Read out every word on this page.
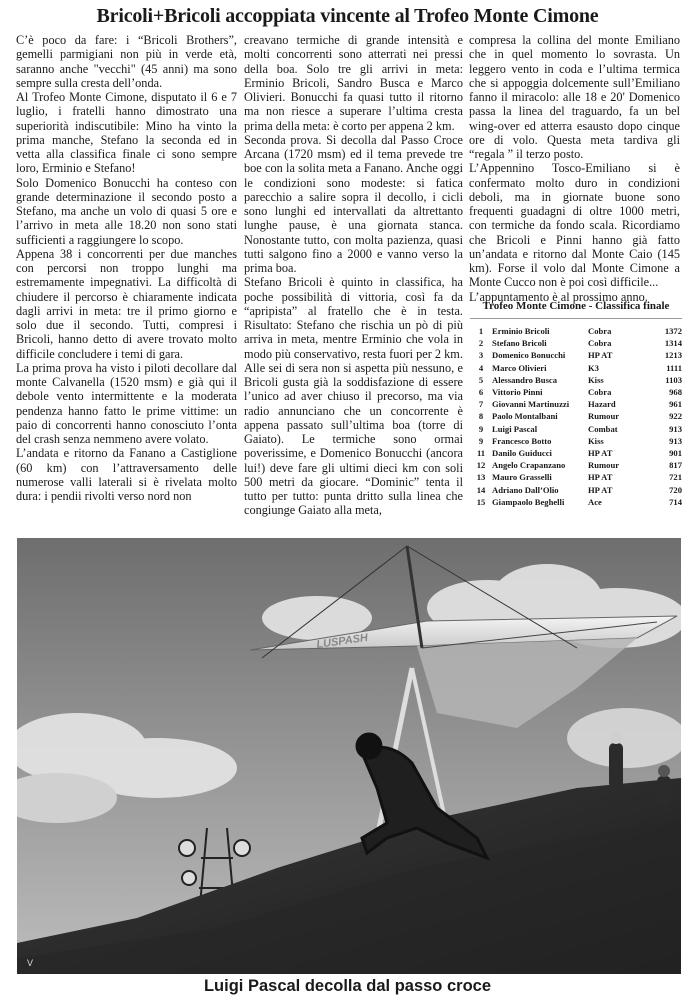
Bricoli+Bricoli accoppiata vincente al Trofeo Monte Cimone

C’è poco da fare: i “Bricoli Brothers”, gemelli parmigiani non più in verde età, saranno anche "vecchi" (45 anni) ma sono sempre sulla cresta dell’onda.

Al Trofeo Monte Cimone, disputato il 6 e 7 luglio, i fratelli hanno dimostrato una superiorità indiscutibile: Mino ha vinto la prima manche, Stefano la seconda ed in vetta alla classifica finale ci sono sempre loro, Erminio e Stefano!

Solo Domenico Bonucchi ha conteso con grande determinazione il secondo posto a Stefano, ma anche un volo di quasi 5 ore e l’arrivo in meta alle 18.20 non sono stati sufficienti a raggiungere lo scopo.

Appena 38 i concorrenti per due manches con percorsi non troppo lunghi ma estremamente impegnativi. La difficoltà di chiudere il percorso è chiaramente indicata dagli arrivi in meta: tre il primo giorno e solo due il secondo. Tutti, compresi i Bricoli, hanno detto di avere trovato molto difficile concludere i temi di gara.

La prima prova ha visto i piloti decollare dal monte Calvanella (1520 msm) e già qui il debole vento intermittente e la moderata pendenza hanno fatto le prime vittime: un paio di concorrenti hanno conosciuto l’onta del crash senza nemmeno avere volato.

L’andata e ritorno da Fanano a Castiglione (60 km) con l’attraversamento delle numerose valli laterali si è rivelata molto dura: i pendii rivolti verso nord non

creavano termiche di grande intensità e molti concorrenti sono atterrati nei pressi della boa. Solo tre gli arrivi in meta: Erminio Bricoli, Sandro Busca e Marco Olivieri. Bonucchi fa quasi tutto il ritorno ma non riesce a superare l’ultima cresta prima della meta: è corto per appena 2 km.

Seconda prova. Si decolla dal Passo Croce Arcana (1720 msm) ed il tema prevede tre boe con la solita meta a Fanano. Anche oggi le condizioni sono modeste: si fatica parecchio a salire sopra il decollo, i cicli sono lunghi ed intervallati da altrettanto lunghe pause, è una giornata stanca. Nonostante tutto, con molta pazienza, quasi tutti salgono fino a 2000 e vanno verso la prima boa.

Stefano Bricoli è quinto in classifica, ha poche possibilità di vittoria, così fa da “apripista” al fratello che è in testa. Risultato: Stefano che rischia un pò di più arriva in meta, mentre Erminio che vola in modo più conservativo, resta fuori per 2 km.

Alle sei di sera non si aspetta più nessuno, e Bricoli gusta già la soddisfazione di essere l’unico ad aver chiuso il precorso, ma via radio annunciano che un concorrente è appena passato sull’ultima boa (torre di Gaiato). Le termiche sono ormai poverissime, e Domenico Bonucchi (ancora lui!) deve fare gli ultimi dieci km con soli 500 metri da giocare. “Dominic” tenta il tutto per tutto: punta dritto sulla linea che congiunge Gaiato alla meta,

compresa la collina del monte Emiliano che in quel momento lo sovrasta. Un leggero vento in coda e l’ultima termica che si appoggia dolcemente sull’Emiliano fanno il miracolo: alle 18 e 20' Domenico passa la linea del traguardo, fa un bel wing-over ed atterra esausto dopo cinque ore di volo. Questa meta tardiva gli “regala ” il terzo posto.

L’Appennino Tosco-Emiliano si è confermato molto duro in condizioni deboli, ma in giornate buone sono frequenti guadagni di oltre 1000 metri, con termiche da fondo scala. Ricordiamo che Bricoli e Pinni hanno già fatto un’andata e ritorno dal Monte Caio (145 km). Forse il volo dal Monte Cimone a Monte Cucco non è poi così difficile...

L’appuntamento è al prossimo anno.

Trofeo Monte Cimone - Classifica finale
1	Erminio Bricoli	Cobra	1372
2	Stefano Bricoli	Cobra	1314
3	Domenico Bonucchi	HP AT	1213
4	Marco Olivieri	K3	1111
5	Alessandro Busca	Kiss	1103
6	Vittorio Pinni	Cobra	968
7	Giovanni Martinuzzi	Hazard	961
8	Paolo Montalbani	Rumour	922
9	Luigi Pascal	Combat	913
9	Francesco Botto	Kiss	913
11	Danilo Guiducci	HP AT	901
12	Angelo Crapanzano	Rumour	817
13	Mauro Grasselli	HP AT	721
14	Adriano Dall’Olio	HP AT	720
15	Giampaolo Beghelli	Ace	714
LUSPASH
V
Luigi Pascal decolla dal passo croce
